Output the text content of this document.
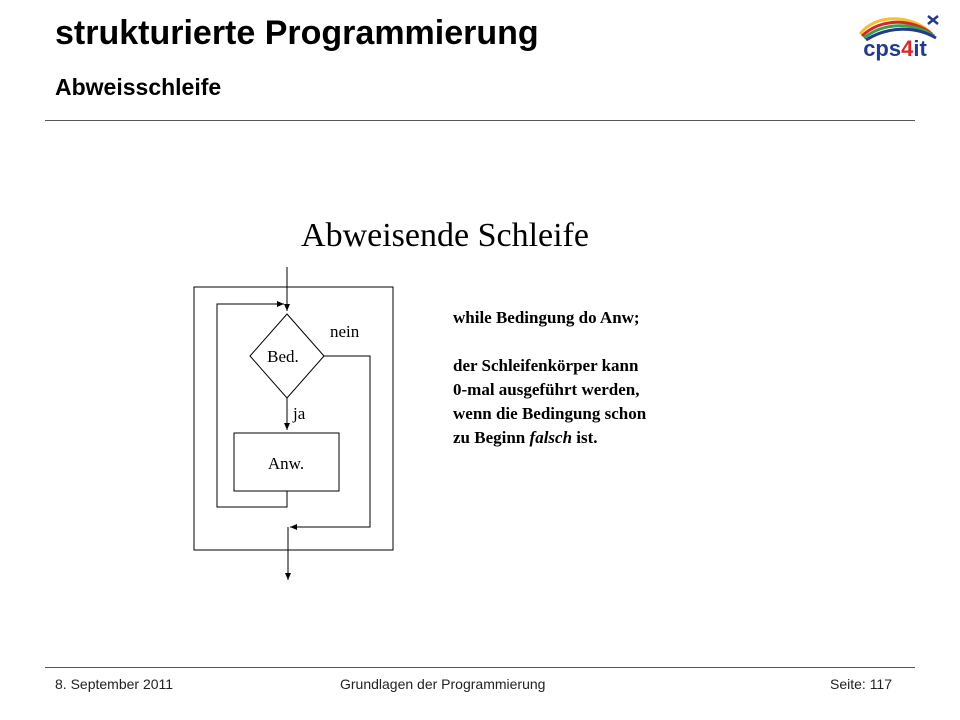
strukturierte Programmierung
Abweisschleife
cps4it
Abweisende Schleife
Bed.
nein
ja
Anw.
while Bedingung do Anw;
der Schleifenkörper kann
0-mal ausgeführt werden,
wenn die Bedingung schon
zu Beginn falsch ist.
8. September 2011	Grundlagen der Programmierung	Seite: 117
